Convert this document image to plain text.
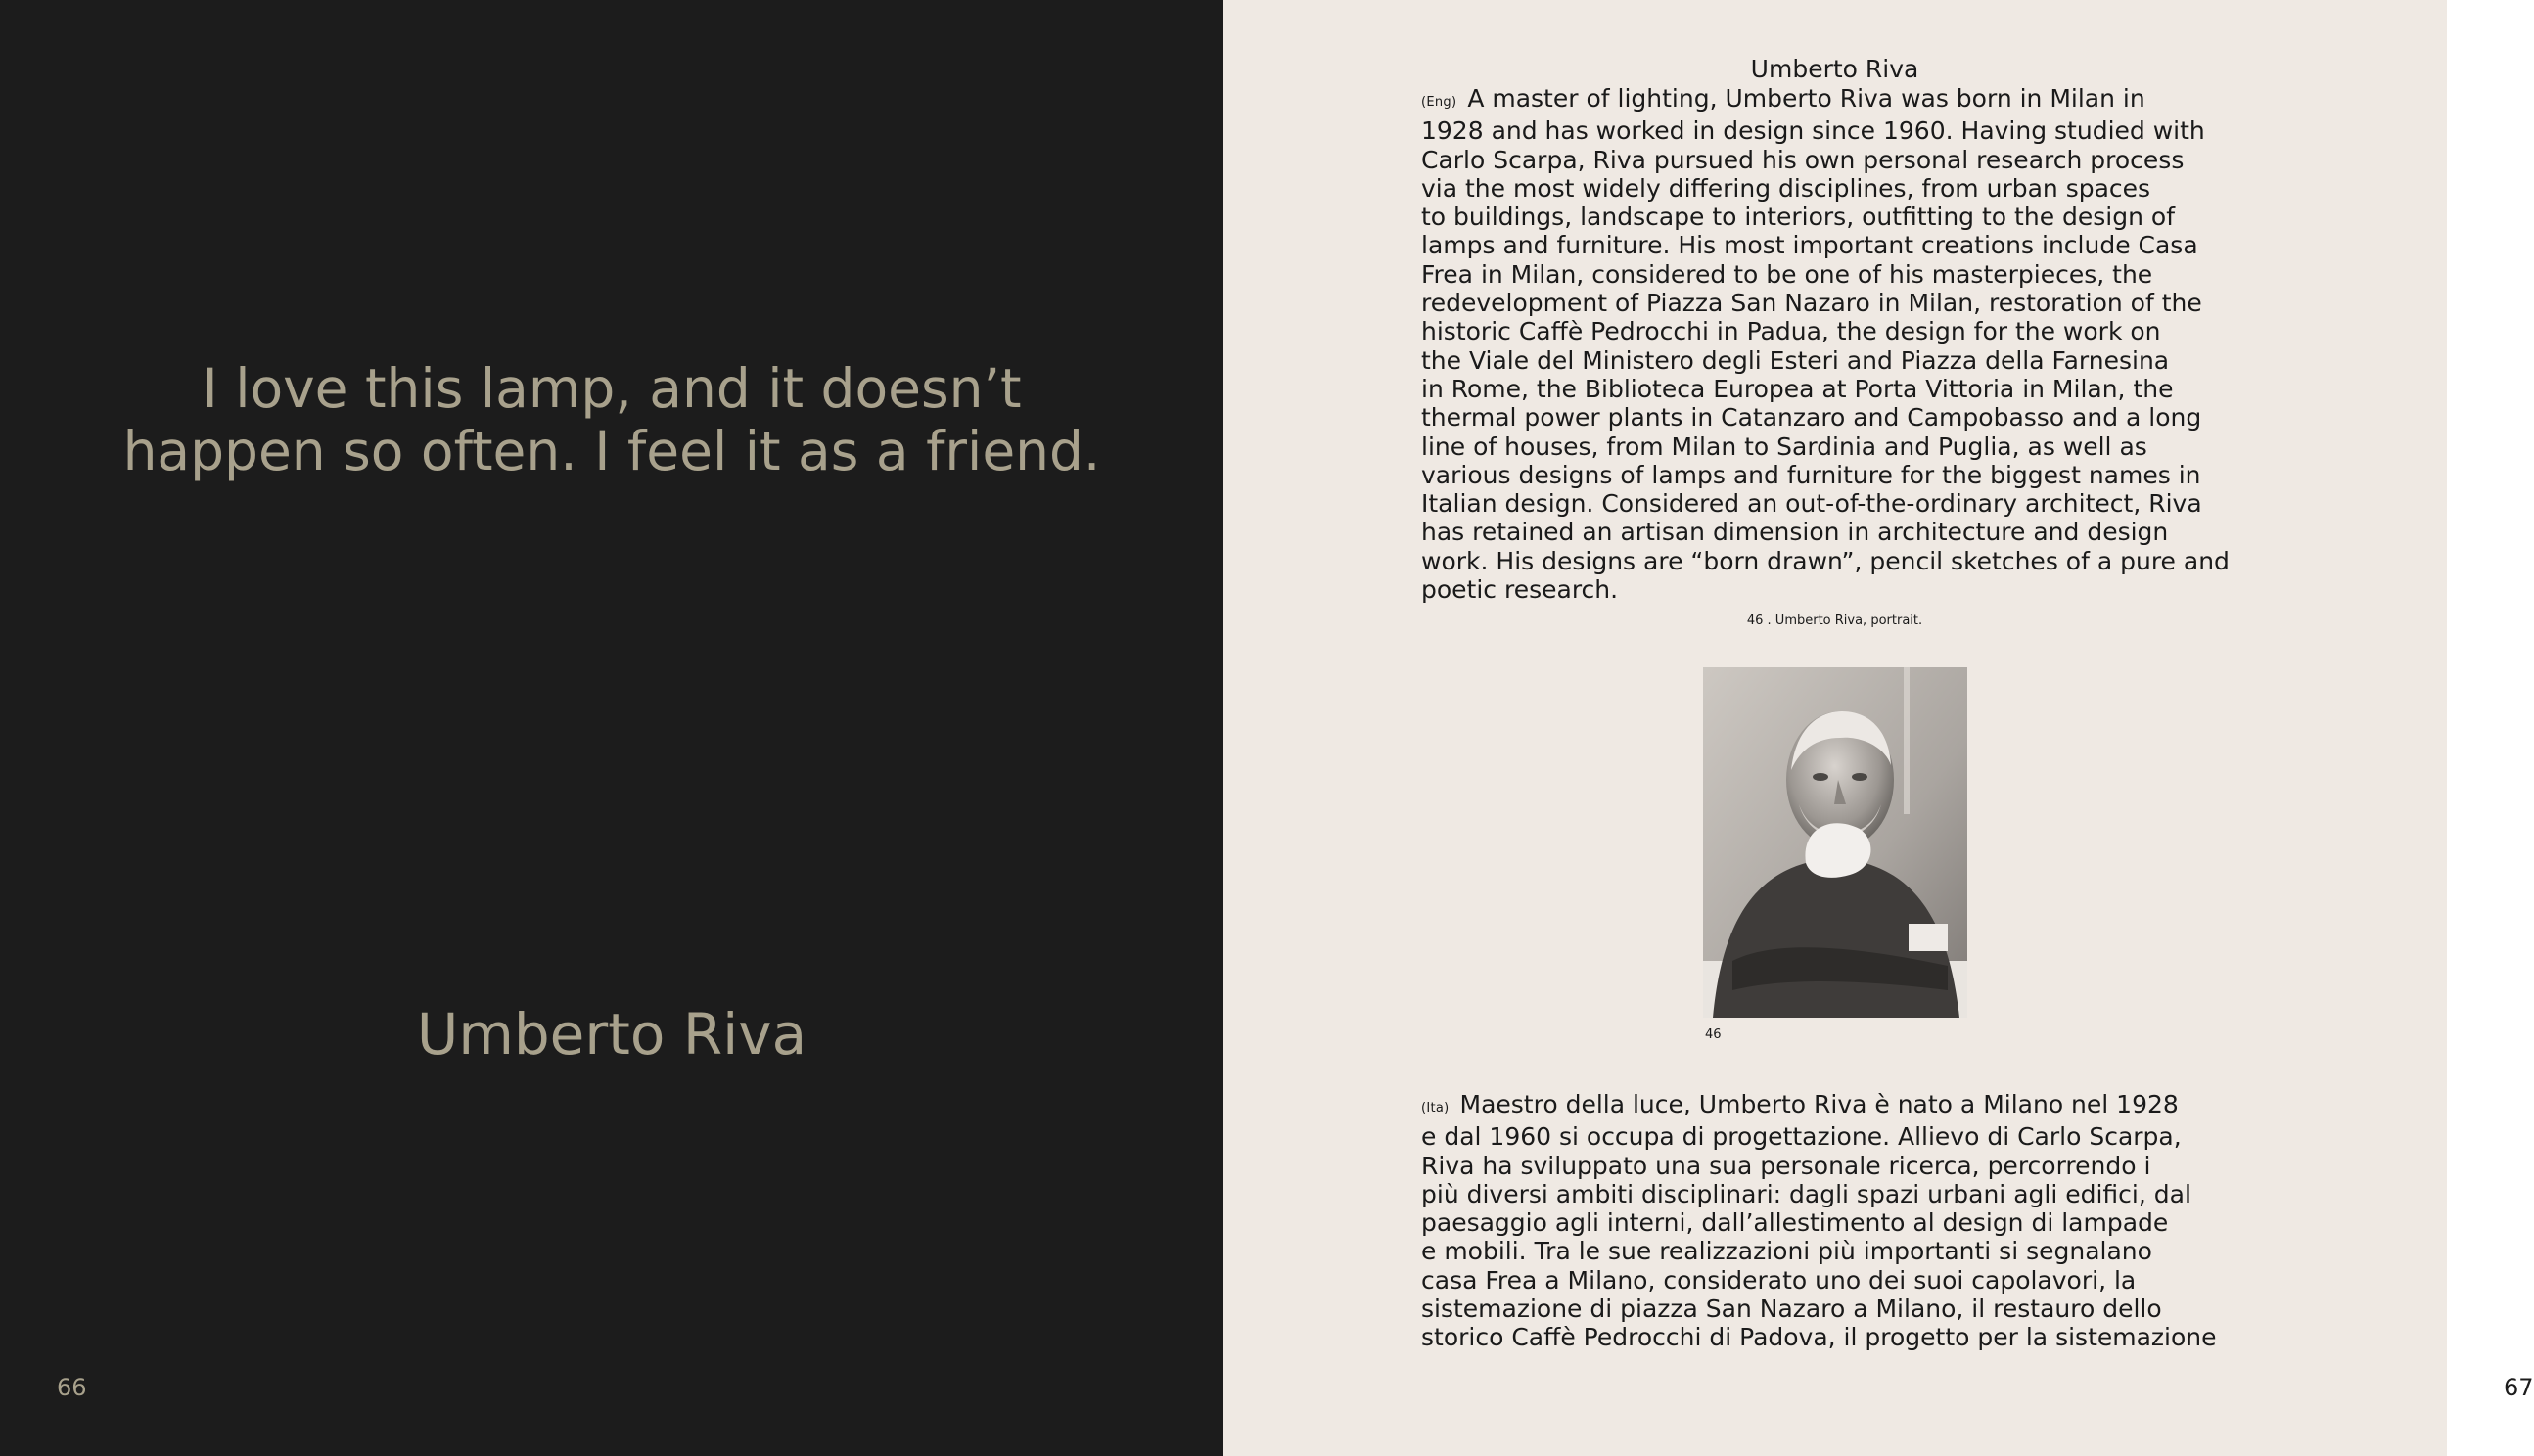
I love this lamp, and it doesn’t
happen so often. I feel it as a friend.
Umberto Riva
66	67
Umberto Riva
(Eng) A master of lighting, Umberto Riva was born in Milan in
1928 and has worked in design since 1960. Having studied with
Carlo Scarpa, Riva pursued his own personal research process
via the most widely differing disciplines, from urban spaces
to buildings, landscape to interiors, outfitting to the design of
lamps and furniture. His most important creations include Casa
Frea in Milan, considered to be one of his masterpieces, the
redevelopment of Piazza San Nazaro in Milan, restoration of the
historic Caffè Pedrocchi in Padua, the design for the work on
the Viale del Ministero degli Esteri and Piazza della Farnesina
in Rome, the Biblioteca Europea at Porta Vittoria in Milan, the
thermal power plants in Catanzaro and Campobasso and a long
line of houses, from Milan to Sardinia and Puglia, as well as
various designs of lamps and furniture for the biggest names in
Italian design. Considered an out-of-the-ordinary architect, Riva
has retained an artisan dimension in architecture and design
work. His designs are “born drawn”, pencil sketches of a pure and
poetic research.
46 . Umberto Riva, portrait.
46
(Ita) Maestro della luce, Umberto Riva è nato a Milano nel 1928
e dal 1960 si occupa di progettazione. Allievo di Carlo Scarpa,
Riva ha sviluppato una sua personale ricerca, percorrendo i
più diversi ambiti disciplinari: dagli spazi urbani agli edifici, dal
paesaggio agli interni, dall’allestimento al design di lampade
e mobili. Tra le sue realizzazioni più importanti si segnalano
casa Frea a Milano, considerato uno dei suoi capolavori, la
sistemazione di piazza San Nazaro a Milano, il restauro dello
storico Caffè Pedrocchi di Padova, il progetto per la sistemazione
